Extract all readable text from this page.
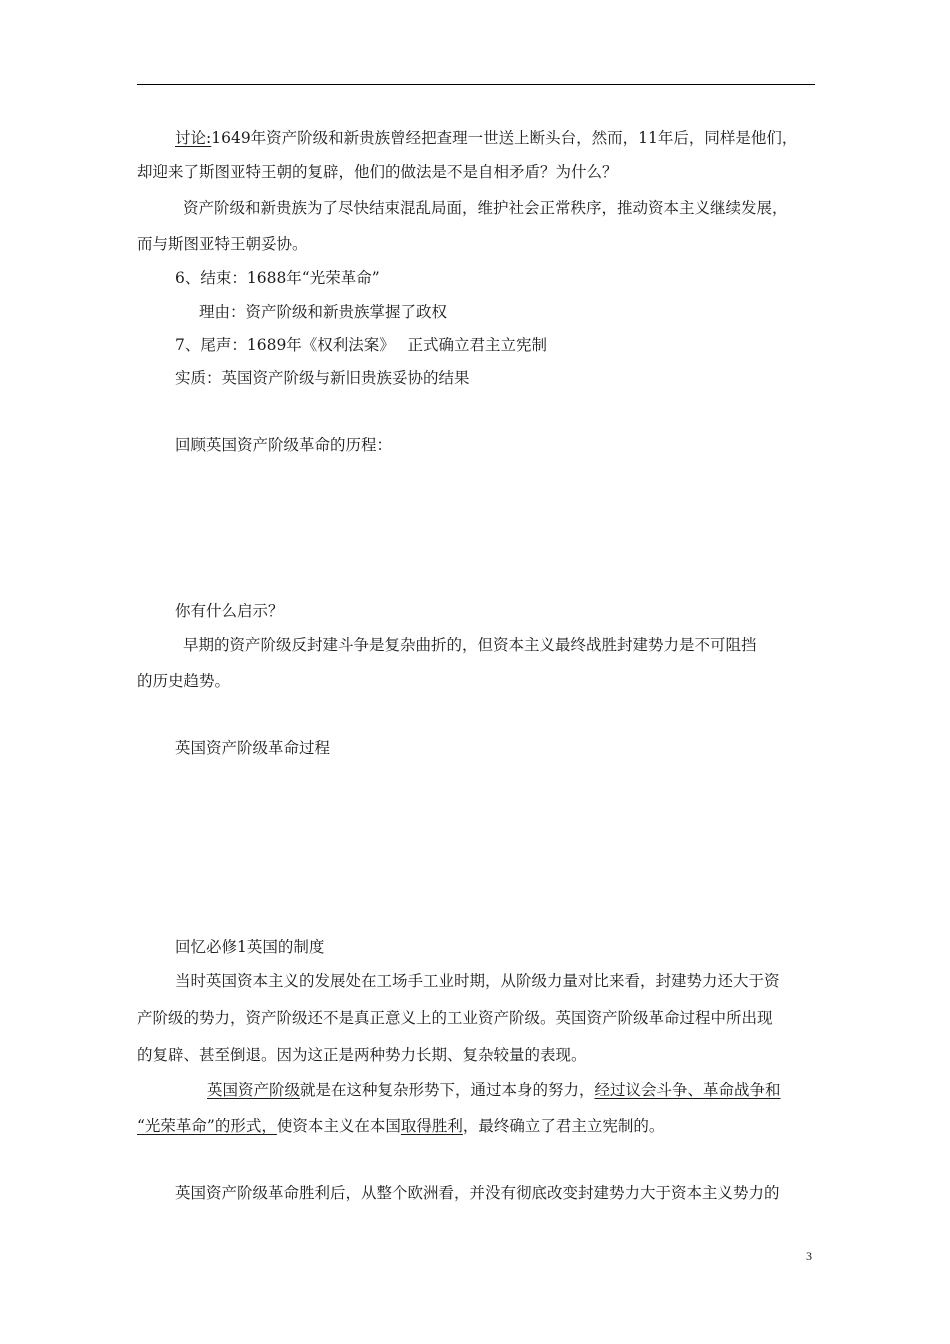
讨论:1649年资产阶级和新贵族曾经把查理一世送上断头台，然而，11年后，同样是他们，
却迎来了斯图亚特王朝的复辟，他们的做法是不是自相矛盾？为什么？
资产阶级和新贵族为了尽快结束混乱局面，维护社会正常秩序，推动资本主义继续发展，
而与斯图亚特王朝妥协。
6、结束：1688年“光荣革命”
理由：资产阶级和新贵族掌握了政权
7、尾声：1689年《权利法案》　 正式确立君主立宪制
实质：英国资产阶级与新旧贵族妥协的结果
回顾英国资产阶级革命的历程：
你有什么启示？
早期的资产阶级反封建斗争是复杂曲折的，但资本主义最终战胜封建势力是不可阻挡
的历史趋势。
英国资产阶级革命过程
回忆必修1英国的制度
当时英国资本主义的发展处在工场手工业时期，从阶级力量对比来看，封建势力还大于资
产阶级的势力，资产阶级还不是真正意义上的工业资产阶级。英国资产阶级革命过程中所出现
的复辟、甚至倒退。因为这正是两种势力长期、复杂较量的表现。
英国资产阶级就是在这种复杂形势下，通过本身的努力，经过议会斗争、革命战争和
“光荣革命”的形式，使资本主义在本国取得胜利，最终确立了君主立宪制的。
英国资产阶级革命胜利后，从整个欧洲看，并没有彻底改变封建势力大于资本主义势力的
3
